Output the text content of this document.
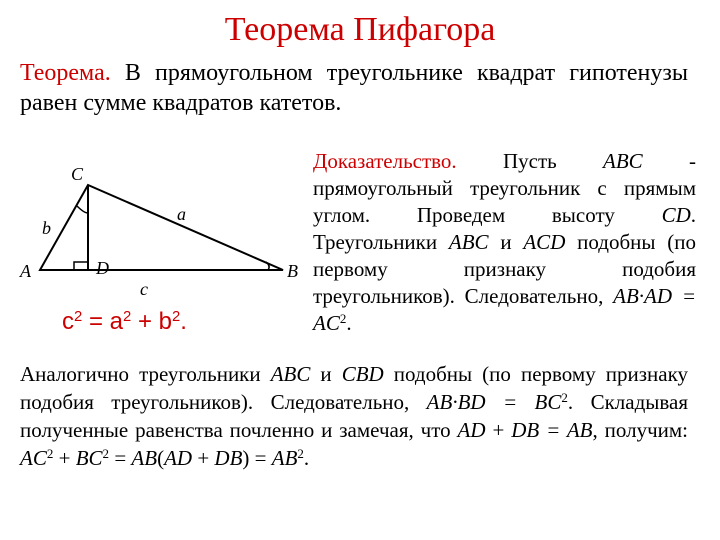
Теорема Пифагора
Теорема. В прямоугольном треугольнике квадрат гипотенузы равен сумме квадратов катетов.
C
A	B
D
a
b
c
$c^2 = a^2 + b^2$.
Доказательство. Пусть ABC - прямоугольный треугольник с прямым углом. Проведем высоту CD. Треугольники ABC и ACD подобны (по первому признаку подобия треугольников). Следовательно, $AB\cdot AD = AC^2$.
Аналогично треугольники ABC и CBD подобны (по первому признаку подобия треугольников). Следовательно, $AB\cdot BD = BC^2$. Складывая полученные равенства почленно и замечая, что AD + DB = AB, получим: $AC^2 + BC^2 = AB(AD + DB) = AB^2$.
